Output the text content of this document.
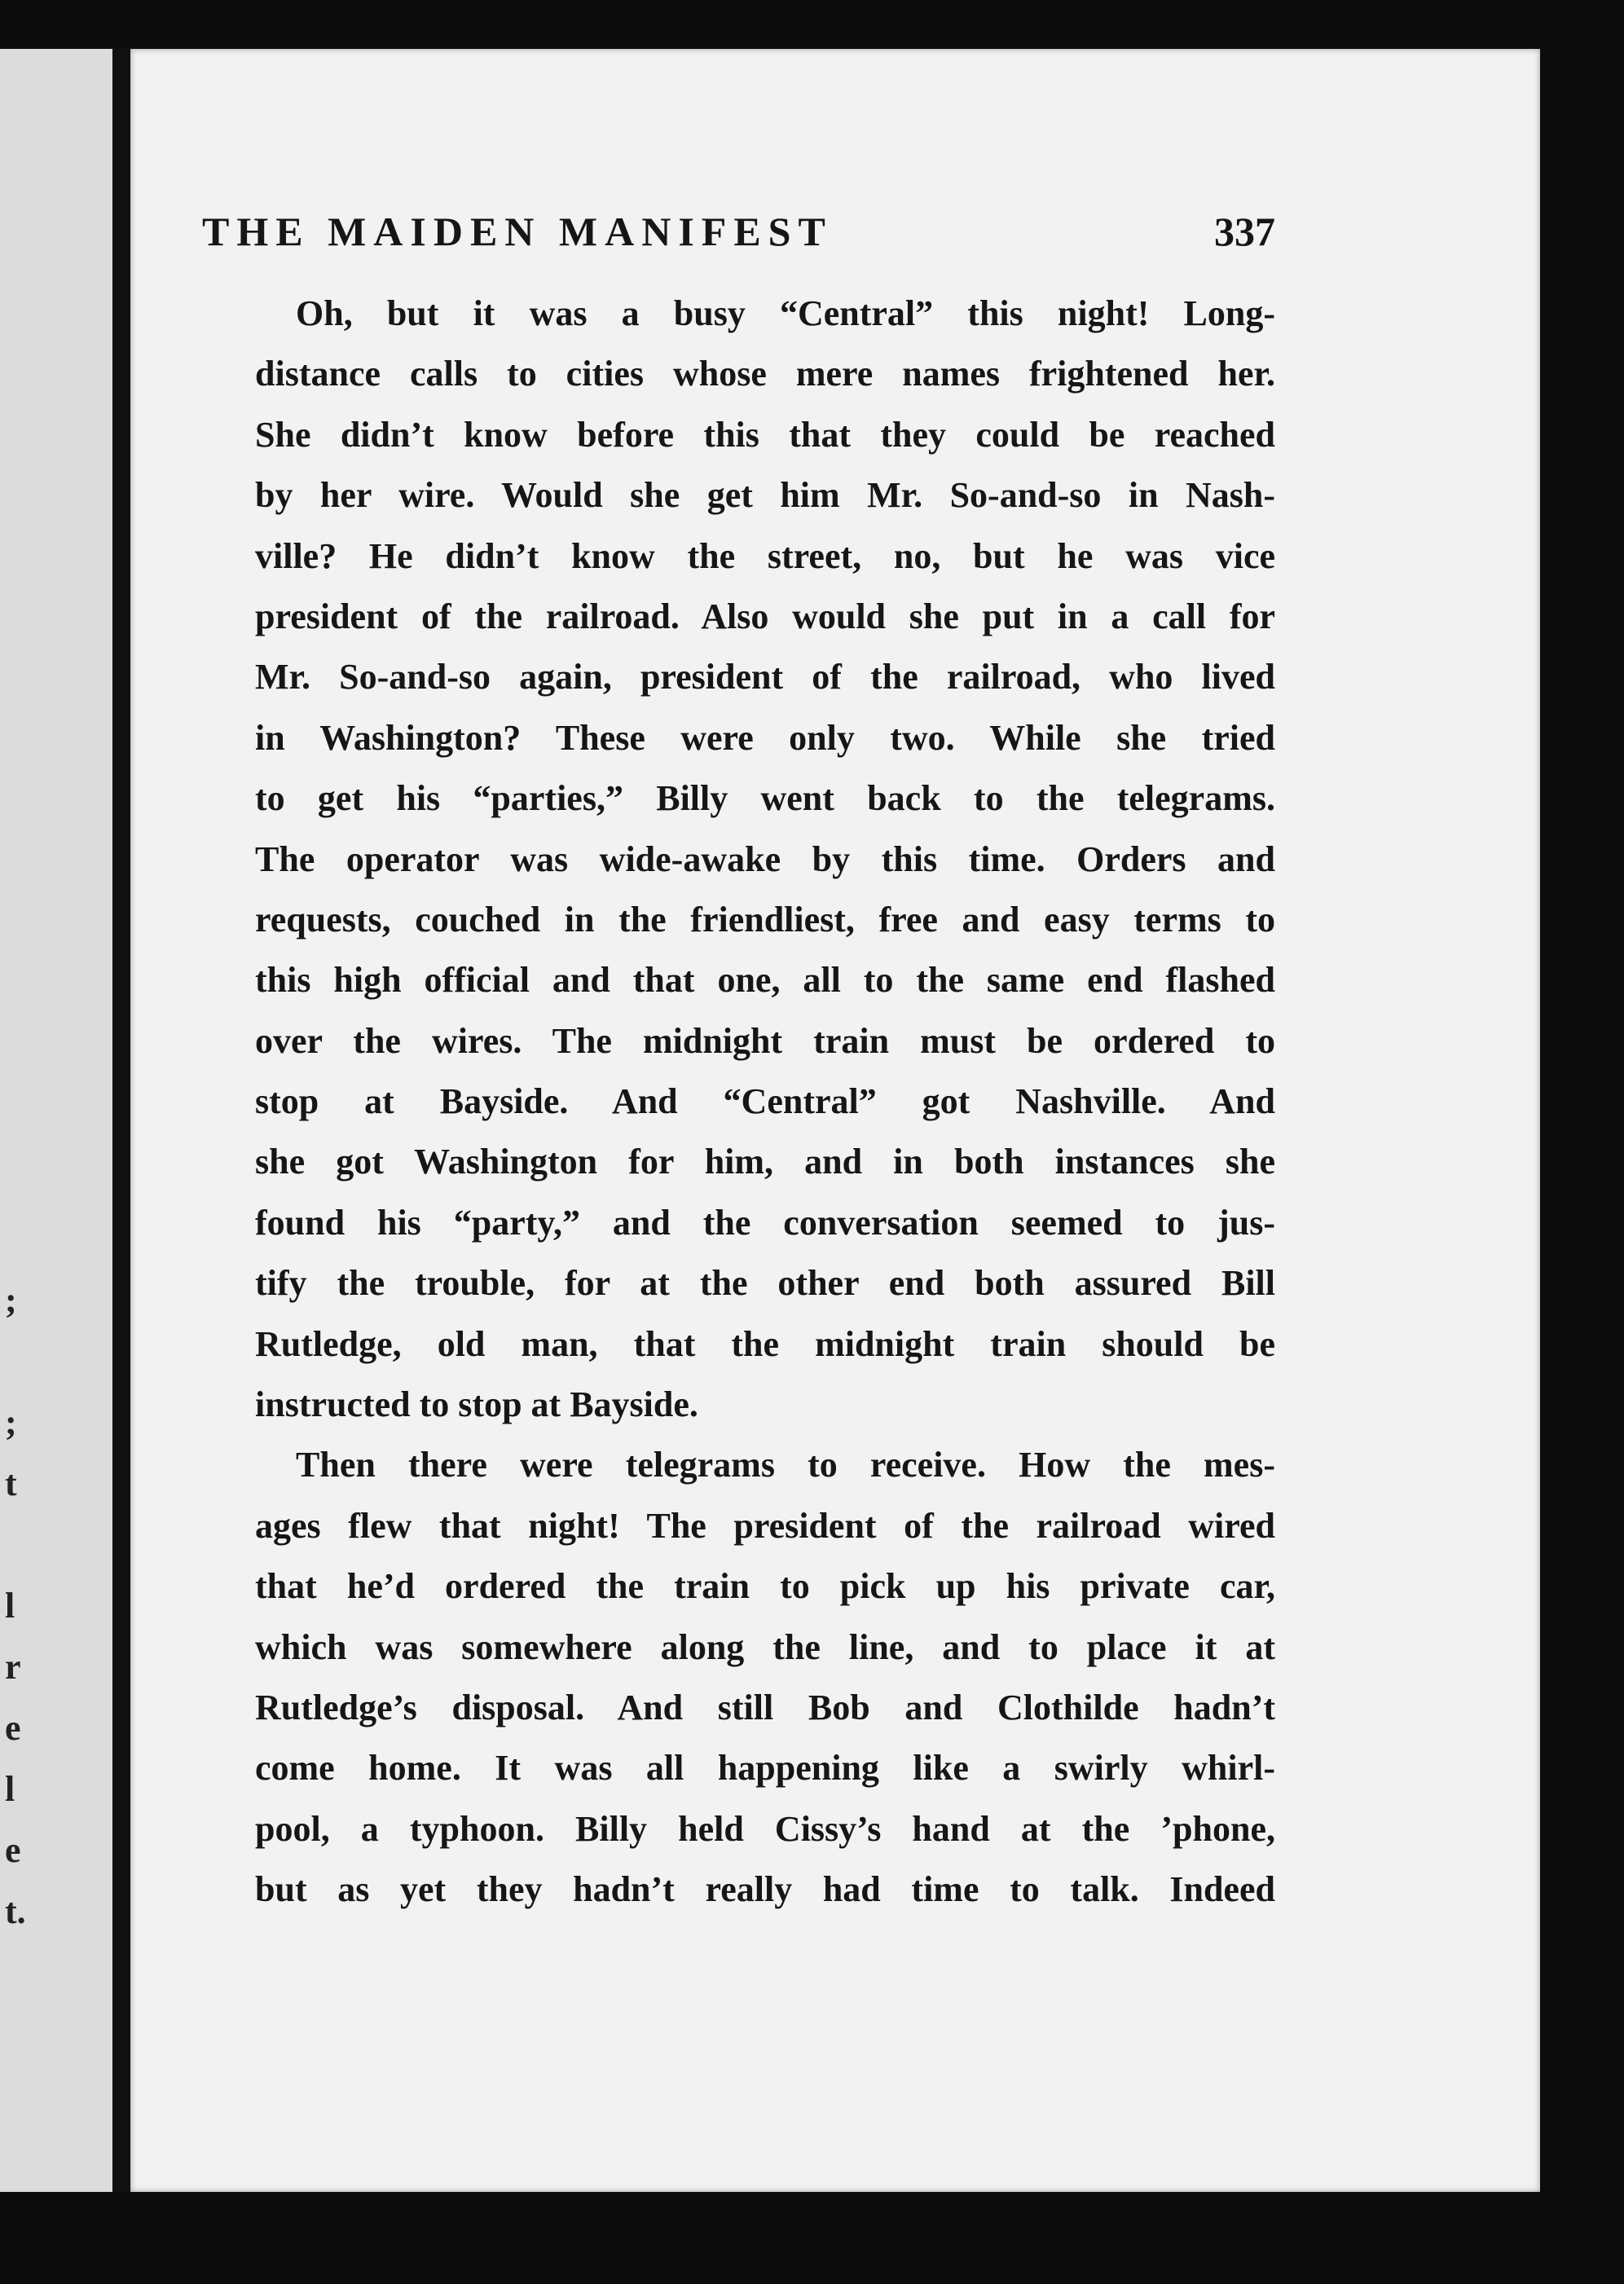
;
;
t
l
r
e
l
e
t.
THE MAIDEN MANIFEST	337
Oh, but it was a busy “Central” this night! Long-
distance calls to cities whose mere names frightened her.
She didn’t know before this that they could be reached
by her wire. Would she get him Mr. So-and-so in Nash-
ville? He didn’t know the street, no, but he was vice
president of the railroad. Also would she put in a call for
Mr. So-and-so again, president of the railroad, who lived
in Washington? These were only two. While she tried
to get his “parties,” Billy went back to the telegrams.
The operator was wide-awake by this time. Orders and
requests, couched in the friendliest, free and easy terms to
this high official and that one, all to the same end flashed
over the wires. The midnight train must be ordered to
stop at Bayside. And “Central” got Nashville. And
she got Washington for him, and in both instances she
found his “party,” and the conversation seemed to jus-
tify the trouble, for at the other end both assured Bill
Rutledge, old man, that the midnight train should be
instructed to stop at Bayside.
Then there were telegrams to receive. How the mes-
ages flew that night! The president of the railroad wired
that he’d ordered the train to pick up his private car,
which was somewhere along the line, and to place it at
Rutledge’s disposal. And still Bob and Clothilde hadn’t
come home. It was all happening like a swirly whirl-
pool, a typhoon. Billy held Cissy’s hand at the ’phone,
but as yet they hadn’t really had time to talk. Indeed
